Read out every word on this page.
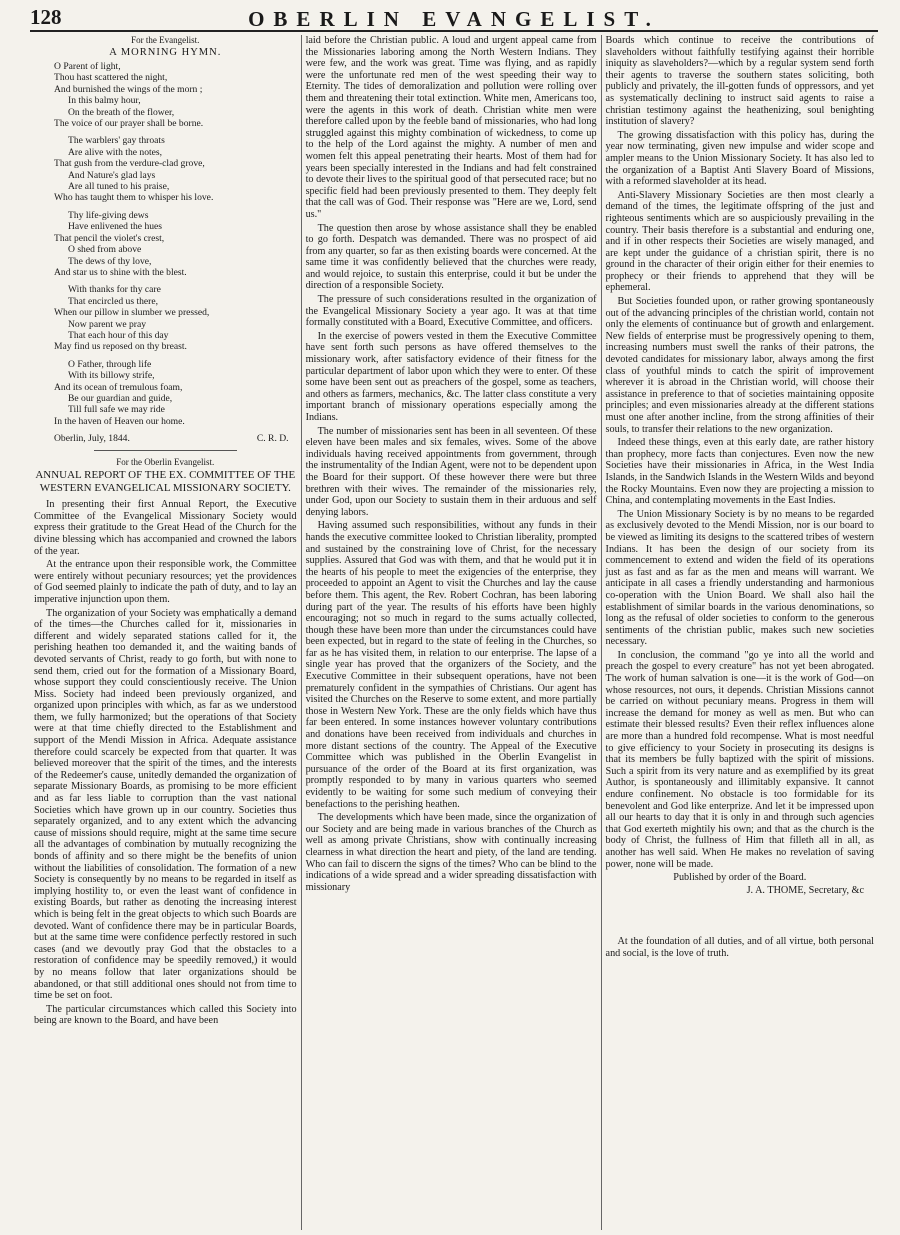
128	OBERLIN EVANGELIST.
For the Evangelist.
A MORNING HYMN.
O Parent of light,
Thou hast scattered the night,
And burnished the wings of the morn ;
In this balmy hour,
On the breath of the flower,
The voice of our prayer shall be borne.
The warblers' gay throats
Are alive with the notes,
That gush from the verdure-clad grove,
And Nature's glad lays
Are all tuned to his praise,
Who has taught them to whisper his love.
Thy life-giving dews
Have enlivened the hues
That pencil the violet's crest,
O shed from above
The dews of thy love,
And star us to shine with the blest.
With thanks for thy care
That encircled us there,
When our pillow in slumber we pressed,
Now parent we pray
That each hour of this day
May find us reposed on thy breast.
O Father, through life
With its billowy strife,
And its ocean of tremulous foam,
Be our guardian and guide,
Till full safe we may ride
In the haven of Heaven our home.
Oberlin, July, 1844.	C. R. D.
For the Oberlin Evangelist.
ANNUAL REPORT OF THE EX. COMMITTEE OF THE WESTERN EVANGELICAL MISSIONARY SOCIETY.

In presenting their first Annual Report, the Executive Committee of the Evangelical Missionary Society would express their gratitude to the Great Head of the Church for the divine blessing which has accompanied and crowned the labors of the year.

At the entrance upon their responsible work, the Committee were entirely without pecuniary resources; yet the providences of God seemed plainly to indicate the path of duty, and to lay an imperative injunction upon them.

The organization of your Society was emphatically a demand of the times—the Churches called for it, missionaries in different and widely separated stations called for it, the perishing heathen too demanded it, and the waiting bands of devoted servants of Christ, ready to go forth, but with none to send them, cried out for the formation of a Missionary Board, whose support they could conscientiously receive. The Union Miss. Society had indeed been previously organized, and organized upon principles with which, as far as we understood them, we fully harmonized; but the operations of that Society were at that time chiefly directed to the Establishment and support of the Mendi Mission in Africa. Adequate assistance therefore could scarcely be expected from that quarter. It was believed moreover that the spirit of the times, and the interests of the Redeemer's cause, unitedly demanded the organization of separate Missionary Boards, as promising to be more efficient and as far less liable to corruption than the vast national Societies which have grown up in our country. Societies thus separately organized, and to any extent which the advancing cause of missions should require, might at the same time secure all the advantages of combination by mutually recognizing the bonds of affinity and so there might be the benefits of union without the liabilities of consolidation. The formation of a new Society is consequently by no means to be regarded in itself as implying hostility to, or even the least want of confidence in existing Boards, but rather as denoting the increasing interest which is being felt in the great objects to which such Boards are devoted. Want of confidence there may be in particular Boards, but at the same time were confidence perfectly restored in such cases (and we devoutly pray God that the obstacles to a restoration of confidence may be speedily removed,) it would by no means follow that later organizations should be abandoned, or that still additional ones should not from time to time be set on foot.

The particular circumstances which called this Society into being are known to the Board, and have been

laid before the Christian public. A loud and urgent appeal came from the Missionaries laboring among the North Western Indians. They were few, and the work was great. Time was flying, and as rapidly were the unfortunate red men of the west speeding their way to Eternity. The tides of demoralization and pollution were rolling over them and threatening their total extinction. White men, Americans too, were the agents in this work of death. Christian white men were therefore called upon by the feeble band of missionaries, who had long struggled against this mighty combination of wickedness, to come up to the help of the Lord against the mighty. A number of men and women felt this appeal penetrating their hearts. Most of them had for years been specially interested in the Indians and had felt constrained to devote their lives to the spiritual good of that persecuted race; but no specific field had been previously presented to them. They deeply felt that the call was of God. Their response was "Here are we, Lord, send us."

The question then arose by whose assistance shall they be enabled to go forth. Despatch was demanded. There was no prospect of aid from any quarter, so far as then existing boards were concerned. At the same time it was confidently believed that the churches were ready, and would rejoice, to sustain this enterprise, could it but be under the direction of a responsible Society.

The pressure of such considerations resulted in the organization of the Evangelical Missionary Society a year ago. It was at that time formally constituted with a Board, Executive Committee, and officers.

In the exercise of powers vested in them the Executive Committee have sent forth such persons as have offered themselves to the missionary work, after satisfactory evidence of their fitness for the particular department of labor upon which they were to enter. Of these some have been sent out as preachers of the gospel, some as teachers, and others as farmers, mechanics, &c. The latter class constitute a very important branch of missionary operations especially among the Indians.

The number of missionaries sent has been in all seventeen. Of these eleven have been males and six females, wives. Some of the above individuals having received appointments from government, through the instrumentality of the Indian Agent, were not to be dependent upon the Board for their support. Of these however there were but three brethren with their wives. The remainder of the missionaries rely, under God, upon our Society to sustain them in their arduous and self denying labors.

Having assumed such responsibilities, without any funds in their hands the executive committee looked to Christian liberality, prompted and sustained by the constraining love of Christ, for the necessary supplies. Assured that God was with them, and that he would put it in the hearts of his people to meet the exigencies of the enterprise, they proceeded to appoint an Agent to visit the Churches and lay the cause before them. This agent, the Rev. Robert Cochran, has been laboring during part of the year. The results of his efforts have been highly encouraging; not so much in regard to the sums actually collected, though these have been more than under the circumstances could have been expected, but in regard to the state of feeling in the Churches, so far as he has visited them, in relation to our enterprise. The lapse of a single year has proved that the organizers of the Society, and the Executive Committee in their subsequent operations, have not been prematurely confident in the sympathies of Christians. Our agent has visited the Churches on the Reserve to some extent, and more partially those in Western New York. These are the only fields which have thus far been entered. In some instances however voluntary contributions and donations have been received from individuals and churches in more distant sections of the country. The Appeal of the Executive Committee which was published in the Oberlin Evangelist in pursuance of the order of the Board at its first organization, was promptly responded to by many in various quarters who seemed evidently to be waiting for some such medium of conveying their benefactions to the perishing heathen.

The developments which have been made, since the organization of our Society and are being made in various branches of the Church as well as among private Christians, show with continually increasing clearness in what direction the heart and piety, of the land are tending. Who can fail to discern the signs of the times? Who can be blind to the indications of a wide spread and a wider spreading dissatisfaction with missionary

Boards which continue to receive the contributions of slaveholders without faithfully testifying against their horrible iniquity as slaveholders?—which by a regular system send forth their agents to traverse the southern states soliciting, both publicly and privately, the ill-gotten funds of oppressors, and yet as systematically declining to instruct said agents to raise a christian testimony against the heathenizing, soul benighting institution of slavery?

The growing dissatisfaction with this policy has, during the year now terminating, given new impulse and wider scope and ampler means to the Union Missionary Society. It has also led to the organization of a Baptist Anti Slavery Board of Missions, with a reformed slaveholder at its head.

Anti-Slavery Missionary Societies are then most clearly a demand of the times, the legitimate offspring of the just and righteous sentiments which are so auspiciously prevailing in the country. Their basis therefore is a substantial and enduring one, and if in other respects their Societies are wisely managed, and are kept under the guidance of a christian spirit, there is no ground in the character of their origin either for their enemies to prophecy or their friends to apprehend that they will be ephemeral.

But Societies founded upon, or rather growing spontaneously out of the advancing principles of the christian world, contain not only the elements of continuance but of growth and enlargement. New fields of enterprise must be progressively opening to them, increasing numbers must swell the ranks of their patrons, the devoted candidates for missionary labor, always among the first class of youthful minds to catch the spirit of improvement wherever it is abroad in the Christian world, will choose their assistance in preference to that of societies maintaining opposite principles; and even missionaries already at the different stations must one after another incline, from the strong affinities of their souls, to transfer their relations to the new organization.

Indeed these things, even at this early date, are rather history than prophecy, more facts than conjectures. Even now the new Societies have their missionaries in Africa, in the West India Islands, in the Sandwich Islands in the Western Wilds and beyond the Rocky Mountains. Even now they are projecting a mission to China, and contemplating movements in the East Indies.

The Union Missionary Society is by no means to be regarded as exclusively devoted to the Mendi Mission, nor is our board to be viewed as limiting its designs to the scattered tribes of western Indians. It has been the design of our society from its commencement to extend and widen the field of its operations just as fast and as far as the men and means will warrant. We anticipate in all cases a friendly understanding and harmonious co-operation with the Union Board. We shall also hail the establishment of similar boards in the various denominations, so long as the refusal of older societies to conform to the generous sentiments of the christian public, makes such new societies necessary.

In conclusion, the command "go ye into all the world and preach the gospel to every creature" has not yet been abrogated. The work of human salvation is one—it is the work of God—on whose resources, not ours, it depends. Christian Missions cannot be carried on without pecuniary means. Progress in them will increase the demand for money as well as men. But who can estimate their blessed results? Even their reflex influences alone are more than a hundred fold recompense. What is most needful to give efficiency to your Society in prosecuting its designs is that its members be fully baptized with the spirit of missions. Such a spirit from its very nature and as exemplified by its great Author, is spontaneously and illimitably expansive. It cannot endure confinement. No obstacle is too formidable for its benevolent and God like enterprize. And let it be impressed upon all our hearts to day that it is only in and through such agencies that God exerteth mightily his own; and that as the church is the body of Christ, the fullness of Him that filleth all in all, as another has well said. When He makes no revelation of saving power, none will be made.

Published by order of the Board.
J. A. THOME, Secretary, &c

At the foundation of all duties, and of all virtue, both personal and social, is the love of truth.
